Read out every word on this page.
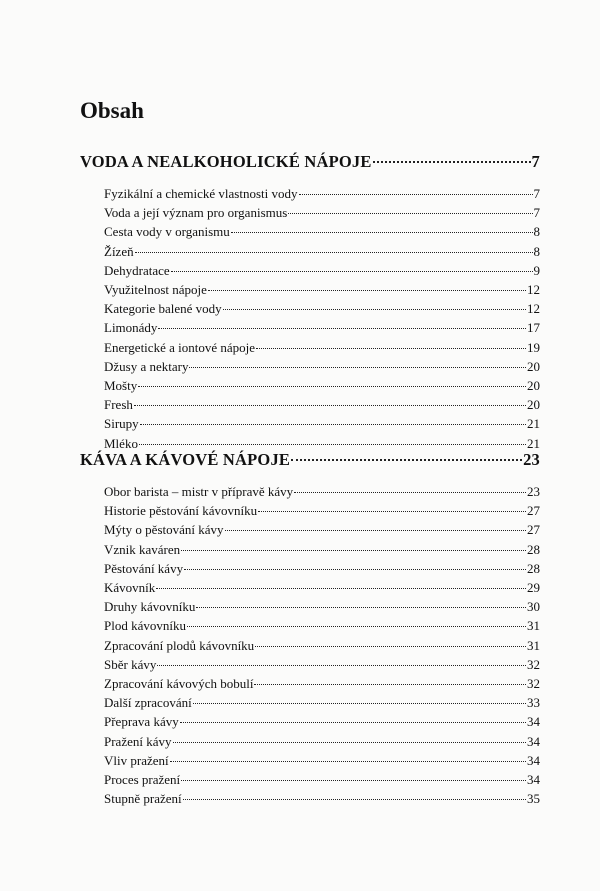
Obsah
VODA A NEALKOHOLICKÉ NÁPOJE	7
Fyzikální a chemické vlastnosti vody	7
Voda a její význam pro organismus	7
Cesta vody v organismu	8
Žízeň	8
Dehydratace	9
Využitelnost nápoje	12
Kategorie balené vody	12
Limonády	17
Energetické a iontové nápoje	19
Džusy a nektary	20
Mošty	20
Fresh	20
Sirupy	21
Mléko	21
KÁVA A KÁVOVÉ NÁPOJE	23
Obor barista – mistr v přípravě kávy	23
Historie pěstování kávovníku	27
Mýty o pěstování kávy	27
Vznik kaváren	28
Pěstování kávy	28
Kávovník	29
Druhy kávovníku	30
Plod kávovníku	31
Zpracování plodů kávovníku	31
Sběr kávy	32
Zpracování kávových bobulí	32
Další zpracování	33
Přeprava kávy	34
Pražení kávy	34
Vliv pražení	34
Proces pražení	34
Stupně pražení	35
